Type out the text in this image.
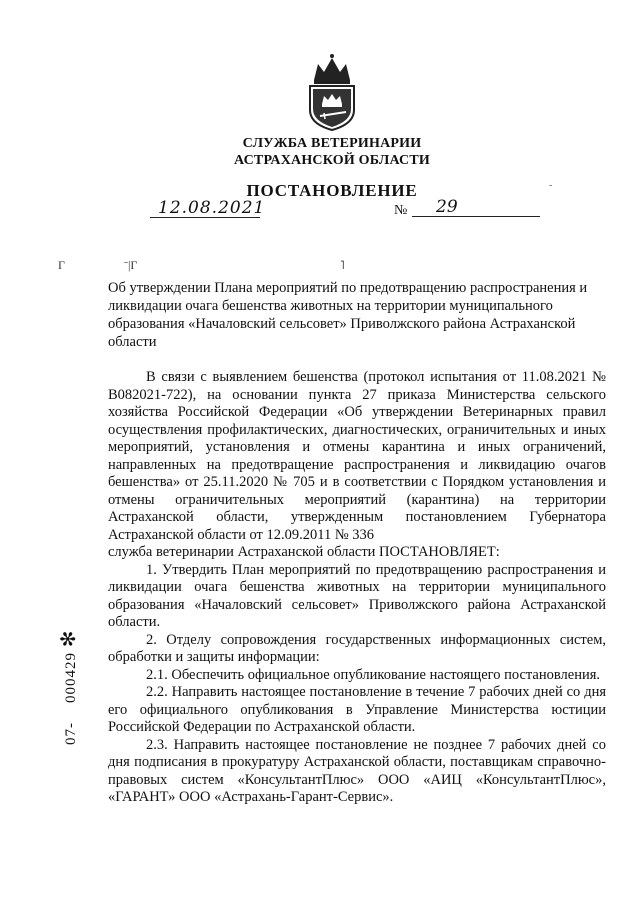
СЛУЖБА ВЕТЕРИНАРИИ
АСТРАХАНСКОЙ ОБЛАСТИ
-
ПОСТАНОВЛЕНИЕ
12.08.2021	№ 29
Г	ˉ|Г	˥
Об утверждении Плана мероприятий по предотвращению распространения и ликвидации очага бешенства животных на территории муниципального образования «Началовский сельсовет» Приволжского района Астраханской области

В связи с выявлением бешенства (протокол испытания от 11.08.2021 № В082021-722), на основании пункта 27 приказа Министерства сельского хозяйства Российской Федерации «Об утверждении Ветеринарных правил осуществления профилактических, диагностических, ограничительных и иных мероприятий, установления и отмены карантина и иных ограничений, направленных на предотвращение распространения и ликвидацию очагов бешенства» от 25.11.2020 № 705 и в соответствии с Порядком установления и отмены ограничительных мероприятий (карантина) на территории Астраханской области, утвержденным постановлением Губернатора Астраханской области от 12.09.2011 № 336

служба ветеринарии Астраханской области ПОСТАНОВЛЯЕТ:

1. Утвердить План мероприятий по предотвращению распространения и ликвидации очага бешенства животных на территории муниципального образования «Началовский сельсовет» Приволжского района Астраханской области.

2. Отделу сопровождения государственных информационных систем, обработки и защиты информации:

2.1. Обеспечить официальное опубликование настоящего постановления.

2.2. Направить настоящее постановление в течение 7 рабочих дней со дня его официального опубликования в Управление Министерства юстиции Российской Федерации по Астраханской области.

2.3. Направить настоящее постановление не позднее 7 рабочих дней со дня подписания в прокуратуру Астраханской области, поставщикам справочно-правовых систем «КонсультантПлюс» ООО «АИЦ «КонсультантПлюс», «ГАРАНТ» ООО «Астрахань-Гарант-Сервис».

07-    000429 ✻
